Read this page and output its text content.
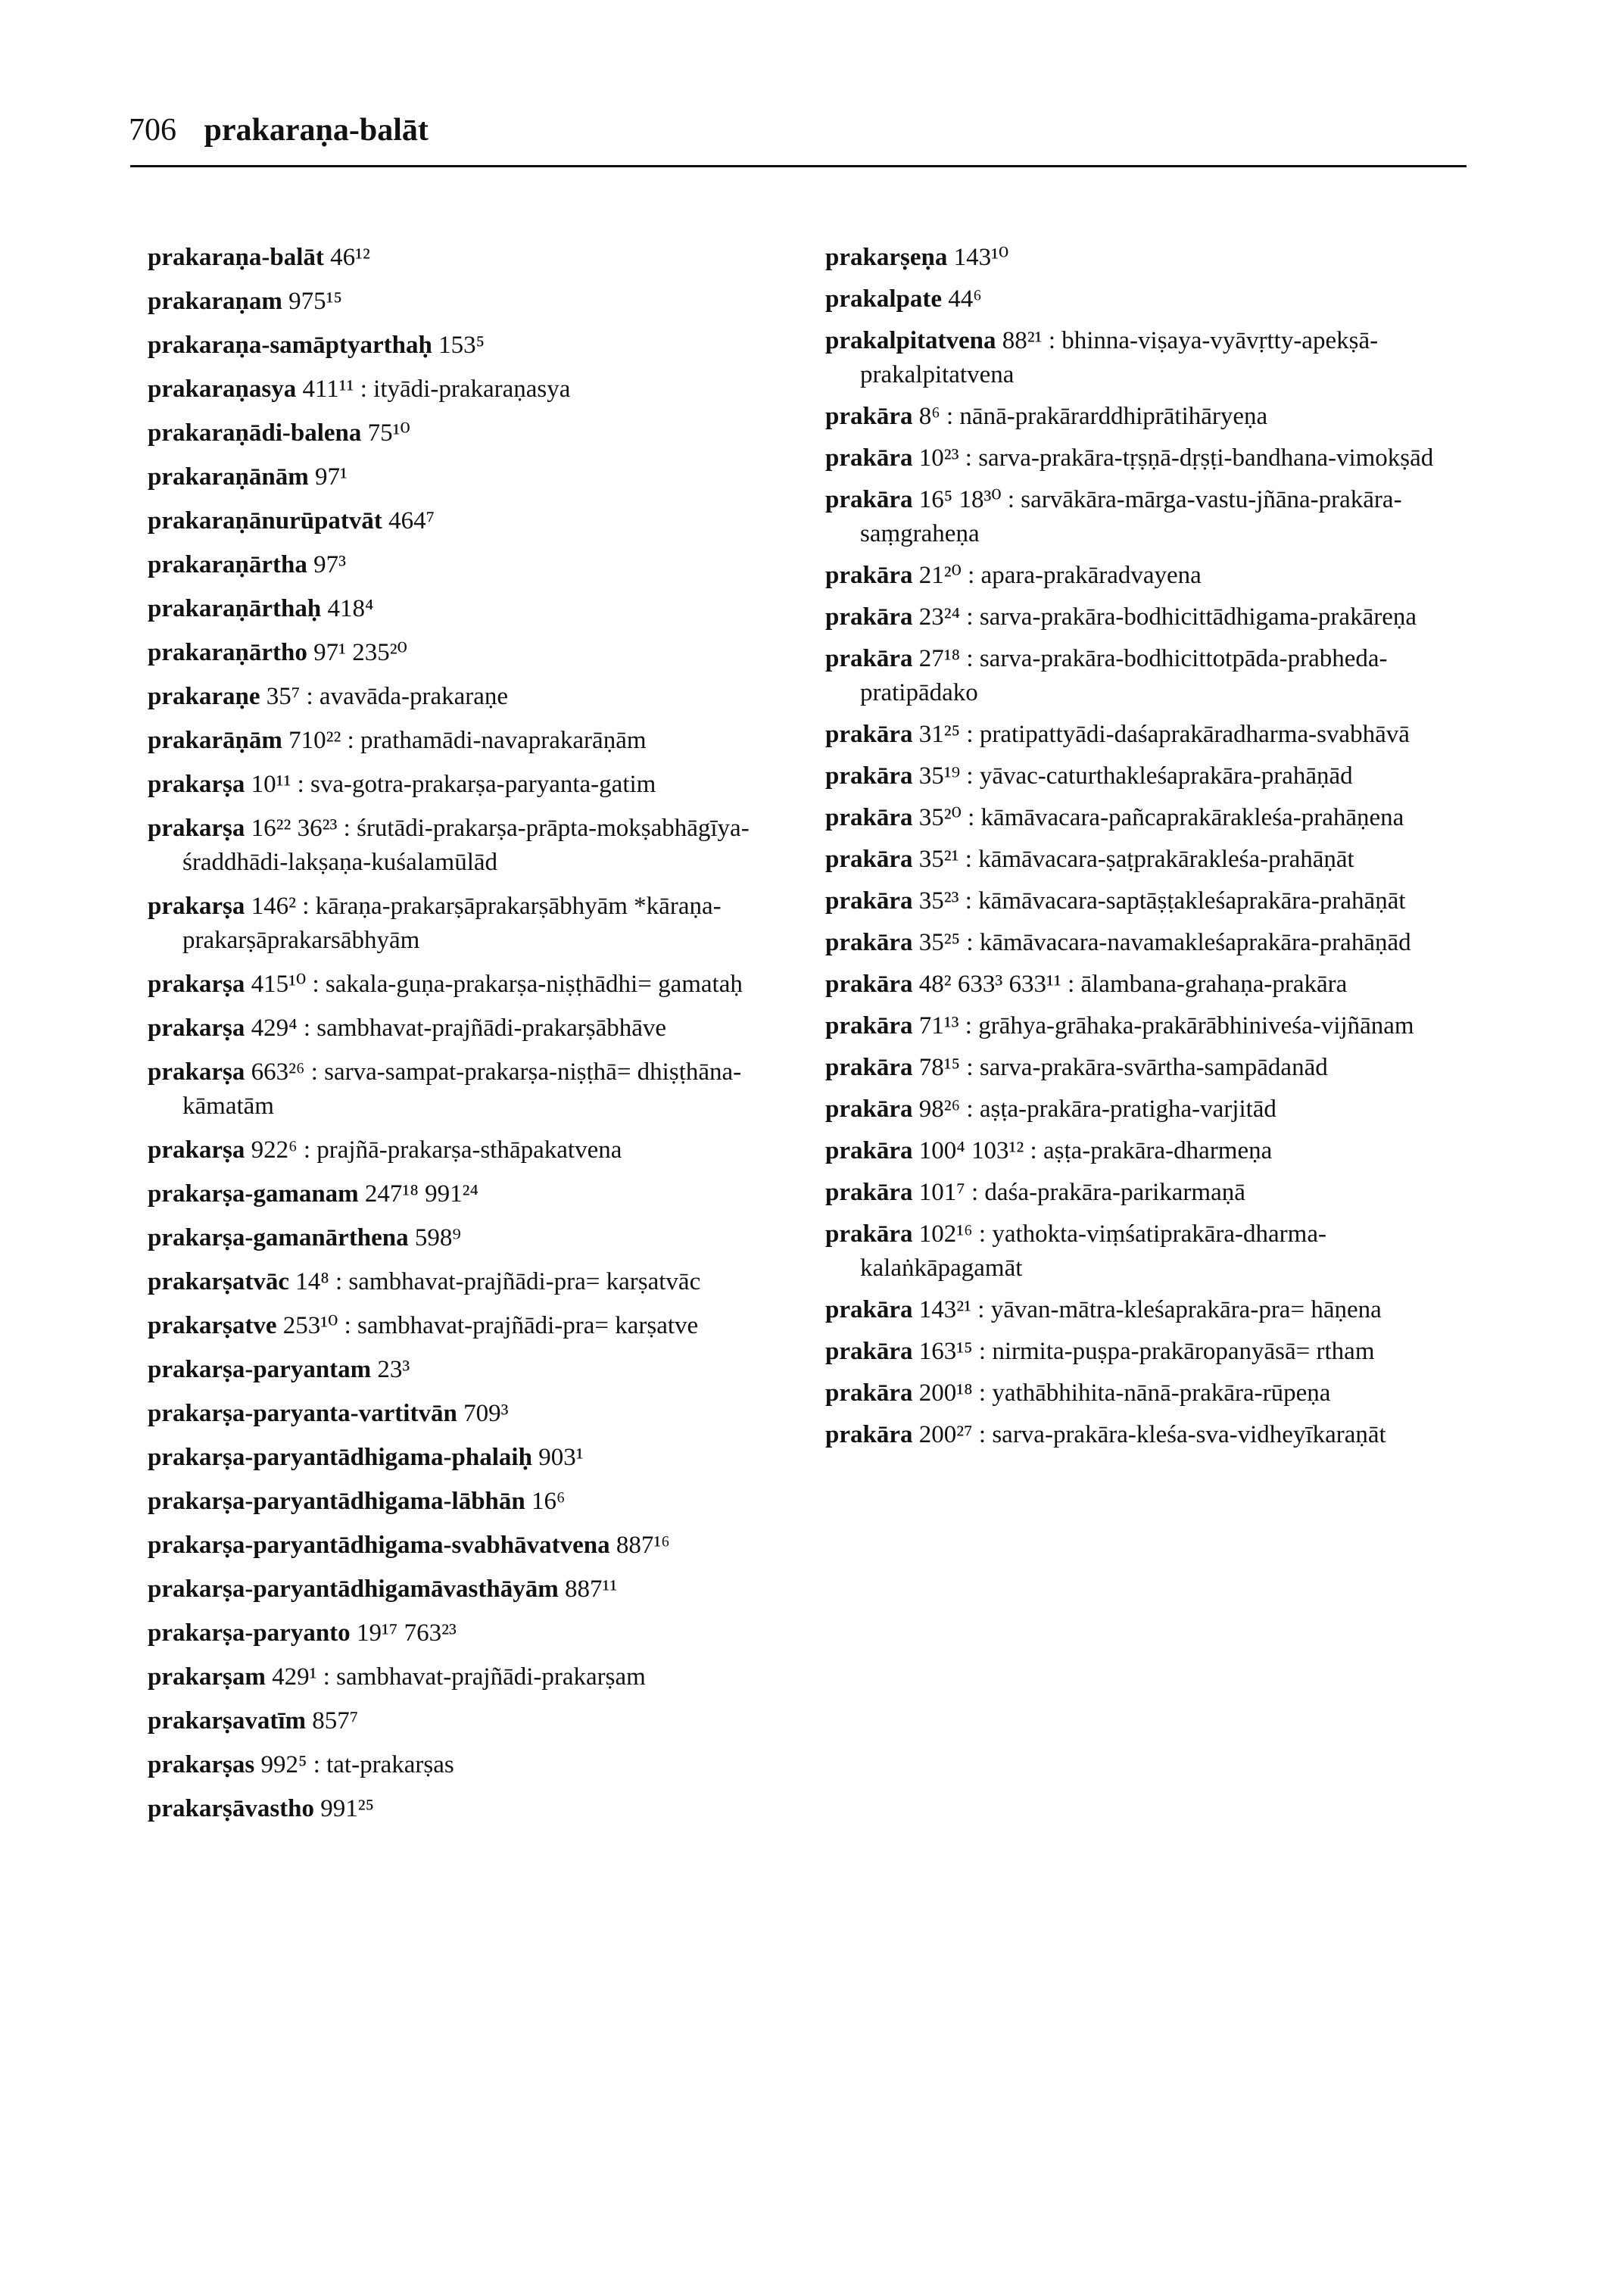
706 prakaraṇa-balāt
prakaraṇa-balāt 46¹²
prakaraṇam 975¹⁵
prakaraṇa-samāptyarthaḥ 153⁵
prakaraṇasya 411¹¹ : ityādi-prakaraṇasya
prakaraṇādi-balena 75¹⁰
prakaraṇānām 97¹
prakaraṇānurūpatvāt 464⁷
prakaraṇārtha 97³
prakaraṇārthaḥ 418⁴
prakaraṇārtho 97¹ 235²⁰
prakaraṇe 35⁷ : avavāda-prakaraṇe
prakarāṇām 710²² : prathamādi-navaprakarāṇām
prakarṣa 10¹¹ : sva-gotra-prakarṣa-paryanta-gatim
prakarṣa 16²² 36²³ : śrutādi-prakarṣa-prāpta-mokṣabhāgīya-śraddhādi-lakṣaṇa-kuśalamūlād
prakarṣa 146² : kāraṇa-prakarṣāprakarṣābhyām *kāraṇa-prakarṣāprakarsābhyām
prakarṣa 415¹⁰ : sakala-guṇa-prakarṣa-niṣṭhādhi= gamataḥ
prakarṣa 429⁴ : sambhavat-prajñādi-prakarṣābhāve
prakarṣa 663²⁶ : sarva-sampat-prakarṣa-niṣṭhā= dhiṣṭhāna-kāmatām
prakarṣa 922⁶ : prajñā-prakarṣa-sthāpakatvena
prakarṣa-gamanam 247¹⁸ 991²⁴
prakarṣa-gamanārthena 598⁹
prakarṣatvāc 14⁸ : sambhavat-prajñādi-pra= karṣatvāc
prakarṣatve 253¹⁰ : sambhavat-prajñādi-pra= karṣatve
prakarṣa-paryantam 23³
prakarṣa-paryanta-vartitvān 709³
prakarṣa-paryantādhigama-phalaiḥ 903¹
prakarṣa-paryantādhigama-lābhān 16⁶
prakarṣa-paryantādhigama-svabhāvatvena 887¹⁶
prakarṣa-paryantādhigamāvasthāyām 887¹¹
prakarṣa-paryanto 19¹⁷ 763²³
prakarṣam 429¹ : sambhavat-prajñādi-prakarṣam
prakarṣavatīm 857⁷
prakarṣas 992⁵ : tat-prakarṣas
prakarṣāvastho 991²⁵
prakarṣeṇa 143¹⁰
prakalpate 44⁶
prakalpitatvena 88²¹ : bhinna-viṣaya-vyāvṛtty-apekṣā-prakalpitatvena
prakāra 8⁶ : nānā-prakārarddhiprātihāryeṇa
prakāra 10²³ : sarva-prakāra-tṛṣṇā-dṛṣṭi-bandhana-vimokṣād
prakāra 16⁵ 18³⁰ : sarvākāra-mārga-vastu-jñāna-prakāra-saṃgraheṇa
prakāra 21²⁰ : apara-prakāradvayena
prakāra 23²⁴ : sarva-prakāra-bodhicittādhigama-prakāreṇa
prakāra 27¹⁸ : sarva-prakāra-bodhicittotpāda-prabheda-pratipādako
prakāra 31²⁵ : pratipattyādi-daśaprakāradharma-svabhāvā
prakāra 35¹⁹ : yāvac-caturthakleśaprakāra-prahāṇād
prakāra 35²⁰ : kāmāvacara-pañcaprakārakleśa-prahāṇena
prakāra 35²¹ : kāmāvacara-ṣaṭprakārakleśa-prahāṇāt
prakāra 35²³ : kāmāvacara-saptāṣṭakleśaprakāra-prahāṇāt
prakāra 35²⁵ : kāmāvacara-navamakleśaprakāra-prahāṇād
prakāra 48² 633³ 633¹¹ : ālambana-grahaṇa-prakāra
prakāra 71¹³ : grāhya-grāhaka-prakārābhiniveśa-vijñānam
prakāra 78¹⁵ : sarva-prakāra-svārtha-sampādanād
prakāra 98²⁶ : aṣṭa-prakāra-pratigha-varjitād
prakāra 100⁴ 103¹² : aṣṭa-prakāra-dharmeṇa
prakāra 101⁷ : daśa-prakāra-parikarmaṇā
prakāra 102¹⁶ : yathokta-viṃśatiprakāra-dharma-kalaṅkāpagamāt
prakāra 143²¹ : yāvan-mātra-kleśaprakāra-pra= hāṇena
prakāra 163¹⁵ : nirmita-puṣpa-prakāropanyāsā= rtham
prakāra 200¹⁸ : yathābhihita-nānā-prakāra-rūpeṇa
prakāra 200²⁷ : sarva-prakāra-kleśa-sva-vidheyīkaraṇāt
